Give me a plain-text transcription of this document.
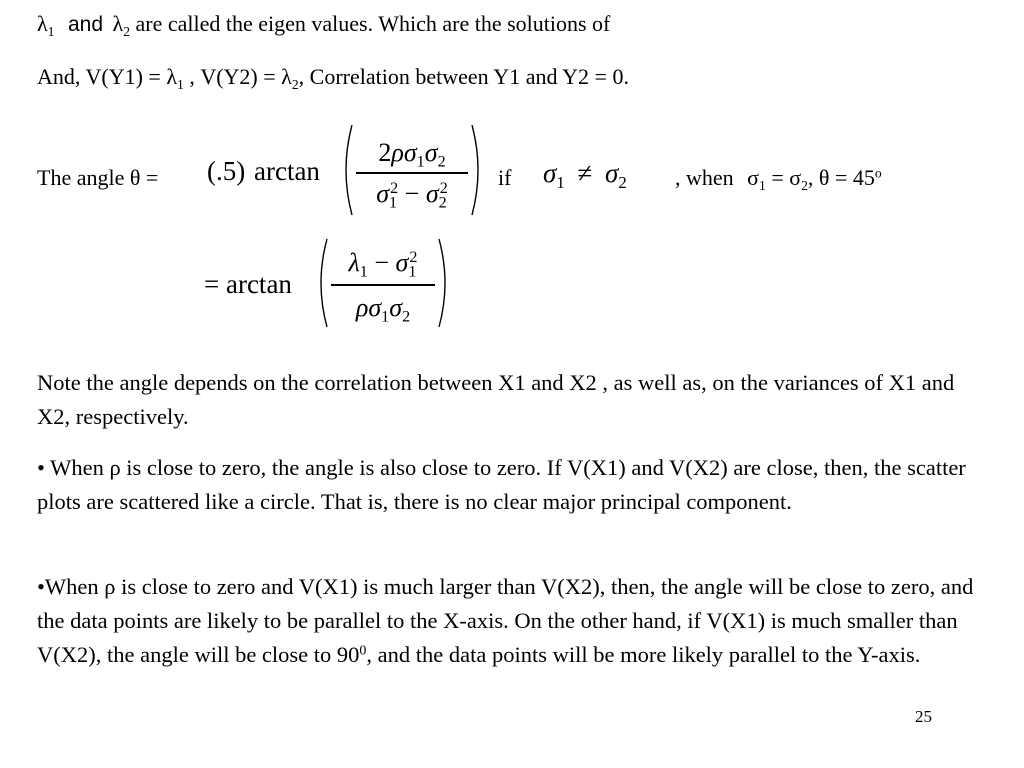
$\lambda_1$ and $\lambda_2$ are called the eigen values. Which are the solutions of
And, $V(Y1) = \lambda_1$ , $V(Y2) = \lambda_2$, Correlation between Y1 and Y2 = 0.
The angle θ = (.5) arctan
$2\rho\sigma_1\sigma_2$
$\sigma_1^2 - \sigma_2^2$	if $\sigma_1 \ne \sigma_2$ , when $\sigma_1 = \sigma_2$, $\theta = 45^o$
= arctan
$\lambda_1 - \sigma_1^2$
$\rho\sigma_1\sigma_2$
Note the angle depends on the correlation between X1 and X2 , as well as, on the variances of X1 and X2, respectively.
• When ρ is close to zero, the angle is also close to zero. If V(X1) and V(X2) are close, then, the scatter plots are scattered like a circle. That is, there is no clear major principal component.
•When ρ is close to zero and V(X1) is much larger than V(X2), then, the angle will be close to zero, and the data points are likely to be parallel to the X-axis. On the other hand, if V(X1) is much smaller than V(X2), the angle will be close to $90^0$, and the data points will be more likely parallel to the Y-axis.
25
